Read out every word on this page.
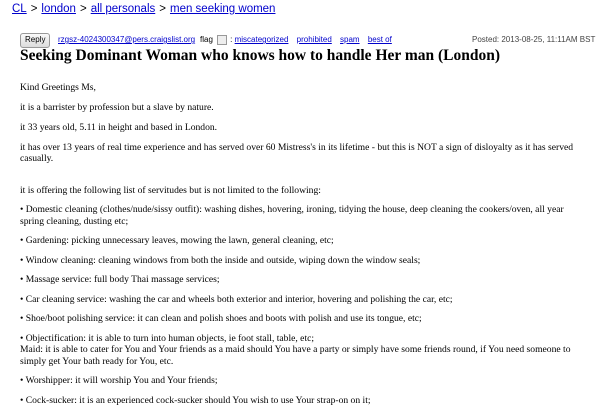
CL > london > all personals > men seeking women
Reply	rzgsz-4024300347@pers.craigslist.org flag : miscategorized prohibited spam best of	Posted: 2013-08-25, 11:11AM BST
Seeking Dominant Woman who knows how to handle Her man (London)

Kind Greetings Ms,

it is a barrister by profession but a slave by nature.

it 33 years old, 5.11 in height and based in London.

it has over 13 years of real time experience and has served over 60 Mistress's in its lifetime - but this is NOT a sign of disloyalty as it has served casually.

it is offering the following list of servitudes but is not limited to the following:

• Domestic cleaning (clothes/nude/sissy outfit): washing dishes, hovering, ironing, tidying the house, deep cleaning the cookers/oven, all year spring cleaning, dusting etc;

• Gardening: picking unnecessary leaves, mowing the lawn, general cleaning, etc;

• Window cleaning: cleaning windows from both the inside and outside, wiping down the window seals;

• Massage service: full body Thai massage services;

• Car cleaning service: washing the car and wheels both exterior and interior, hovering and polishing the car, etc;

• Shoe/boot polishing service: it can clean and polish shoes and boots with polish and use its tongue, etc;

• Objectification: it is able to turn into human objects, ie foot stall, table, etc;

Maid: it is able to cater for You and Your friends as a maid should You have a party or simply have some friends round, if You need someone to simply get Your bath ready for You, etc.

• Worshipper: it will worship You and Your friends;

• Cock-sucker: it is an experienced cock-sucker should You wish to use Your strap-on on it;
